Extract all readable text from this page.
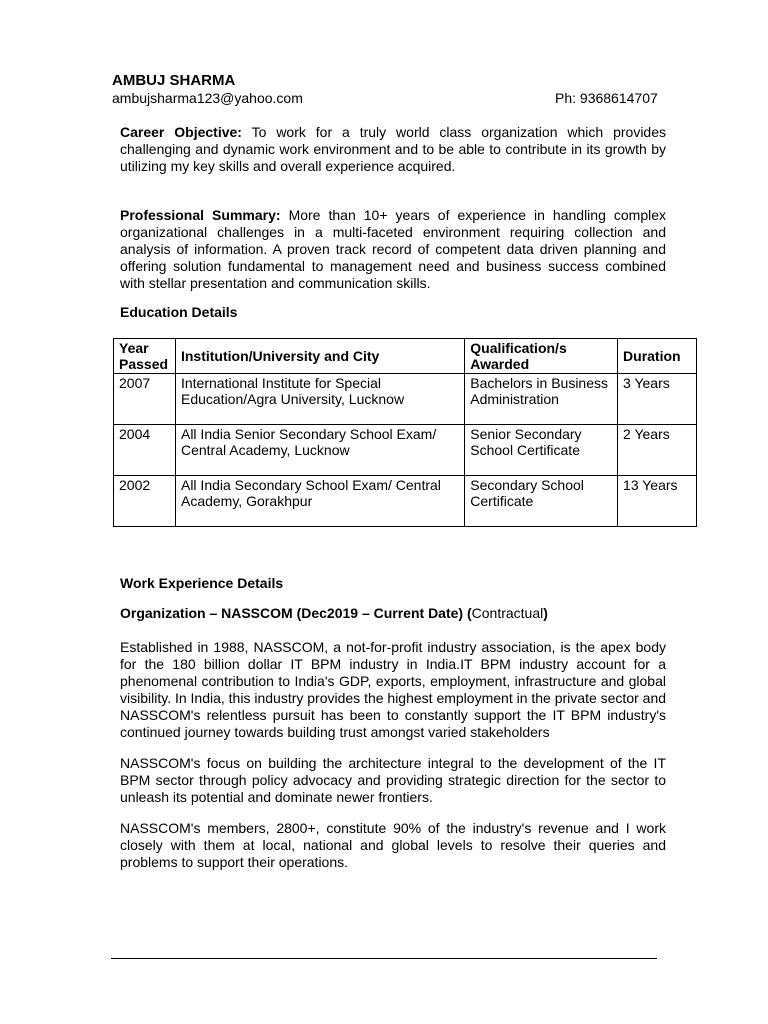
AMBUJ SHARMA
ambujsharma123@yahoo.com	Ph: 9368614707
Career Objective: To work for a truly world class organization which provides challenging and dynamic work environment and to be able to contribute in its growth by utilizing my key skills and overall experience acquired.
Professional Summary: More than 10+ years of experience in handling complex organizational challenges in a multi-faceted environment requiring collection and analysis of information. A proven track record of competent data driven planning and offering solution fundamental to management need and business success combined with stellar presentation and communication skills.
Education Details
Year Passed	Institution/University and City	Qualification/s Awarded	Duration
2007	International Institute for Special Education/Agra University, Lucknow	Bachelors in Business Administration	3 Years
2004	All India Senior Secondary School Exam/ Central Academy, Lucknow	Senior Secondary School Certificate	2 Years
2002	All India Secondary School Exam/ Central Academy, Gorakhpur	Secondary School Certificate	13 Years
Work Experience Details
Organization – NASSCOM (Dec2019 – Current Date) (Contractual)
Established in 1988, NASSCOM, a not-for-profit industry association, is the apex body for the 180 billion dollar IT BPM industry in India.IT BPM industry account for a phenomenal contribution to India's GDP, exports, employment, infrastructure and global visibility. In India, this industry provides the highest employment in the private sector and NASSCOM's relentless pursuit has been to constantly support the IT BPM industry's continued journey towards building trust amongst varied stakeholders
NASSCOM's focus on building the architecture integral to the development of the IT BPM sector through policy advocacy and providing strategic direction for the sector to unleash its potential and dominate newer frontiers.
NASSCOM's members, 2800+, constitute 90% of the industry's revenue and I work closely with them at local, national and global levels to resolve their queries and problems to support their operations.
